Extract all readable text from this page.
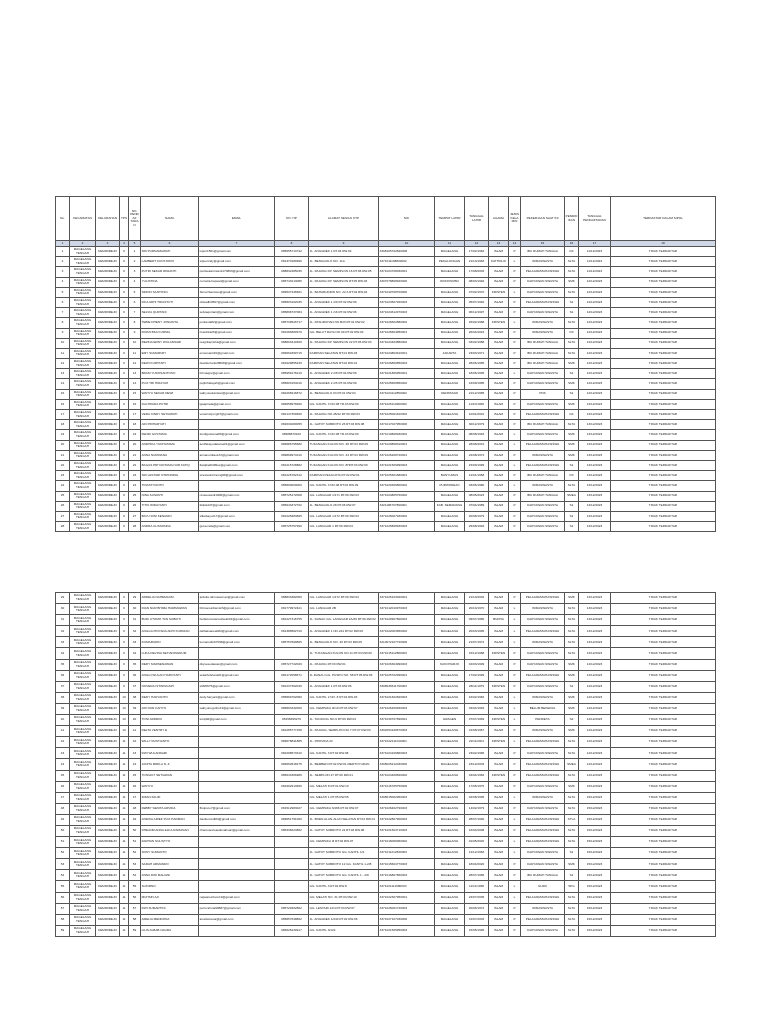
No.	KECAMATAN	KELURAHAN	TPS	NO. PENDAF TARAN	NAMA	EMAIL	NO. HP	ALAMAT SESUAI KTP	NIK	TEMPAT LAHIR	TANGGAL LAHIR	AGAMA	JENIS KELAMIN	PEKERJAAN SAAT INI	PENDIDIKAN	TANGGAL PENDAFTARAN	TERDAFTAR DALAM SIPOL
1	2	3	4	5	6	7	8	9	10	11	12	13	14	15	16	17	18
1	MAGELANG TENGAH	KEMIRIREJO	6	1	SRI PURNAMAWATI	ispuri1561@gmail.com	085655713742	JL. ANGGREK 1 RT.04 RW.04	3308105702840008	MAGELANG	17/02/1984	ISLAM	P	IBU RUMAH TANGGA	D4	11/12/2023	TIDAK TERDAFTAR
2	MAGELANG TENGAH	KEMIRIREJO	6	2	LAMBERT KUNTJORO	sipuerindy@gmail.com	081370189990	JL. BENGGOLO NO. 11A	3371011108830002	PEKALONGAN	21/10/1983	KATHOLIK	L	WIRASWASTA	SLTA	11/12/2023	TIDAK TERDAFTAR
3	MAGELANG TENGAH	KEMIRIREJO	6	3	PUTRI SEKAR RINIANTI	putrisekarrinianti170803@gmail.com	088832485035	JL. PAJANG KP. SEMPLON 16 RT.06 RW.05	3371024708030001	MAGELANG	17/08/2003	ISLAM	P	PELAJAR/MAHASISWA	SLTA	11/12/2023	TIDAK TERDAFTAR
4	MAGELANG TENGAH	KEMIRIREJO	6	4	YULISTINA	cornelia.hapsari@gmail.com	085743213086	JL. PAJANG KP. SEMPLON RT.05 RW.03	3307078808920000	WONOSOBO	08/03/1992	ISLAM	P	KARYAWAN SWASTA	SMK	12/12/2023	TIDAK TERDAFTAR
5	MAGELANG TENGAH	KEMIRIREJO	6	5	SIMON SANTOSO	SimonSantoso@gmail.com	089537346561	JL. BAHARUDDIN NO. 22 A RT.04 RW.04	3371040708700000	MAGELANG	07/02/1970	KRISTEN	L	KARYAWAN SWASTA	SLTA	12/12/2023	TIDAK TERDAFTAR
6	MAGELANG TENGAH	KEMIRIREJO	6	6	FIKA ADHI TRIASTUTI	ofiwadhi0507@gmail.com	085803102035	JL. ANGGREK 1 /20 RT.02 RW.06	3371024507920003	MAGELANG	05/07/1992	ISLAM	P	PELAJAR/MAHASISWA	S1	12/12/2023	TIDAK TERDAFTAR
7	MAGELANG TENGAH	KEMIRIREJO	6	7	SELVIA QURTANI	selviaqurtani@gmail.com	085868737084	JL. ANGGREK 1 /16 RT.02 RW.06	3371024612970003	MAGELANG	06/12/1997	ISLAM	P	KARYAWAN SWASTA	S1	12/12/2023	TIDAK TERDAFTAR
8	MAGELANG TENGAH	KEMIRIREJO	6	8	TEBIE DHENY JONIANTA	jonitanta82@gmail.com	085739526717	JL. PASURUHAN NO.B23 RT.01 RW.02	3371026602880002	MAGELANG	26/02/1988	KRISTEN	L	WIRASWASTA	SLTA	12/12/2023	TIDAK TERDAFTAR
9	MAGELANG TENGAH	KEMIRIREJO	6	9	RIVAN BKA KURNIA	rivanbka26@gmail.com	081284880979	GG. BELUT RAYA NO.09 RT.02 RW.04	3371026604950001	MAGELANG	26/04/2023	ISLAM	P	WIRASWASTA	D3	12/12/2023	TIDAK TERDAFTAR
10	MAGELANG TENGAH	KEMIRIREJO	6	10	REZKIA ERNY WULANSARI	reagritaprisha@gmail.com	088803310309	JL. PAJANG KP. SEMPLON 22 RT.06 RW.03	3371024403880002	MAGELANG	03/02/1988	ISLAM	P	IBU RUMAH TANGGA	SLTA	12/12/2023	TIDAK TERDAFTAR
11	MAGELANG TENGAH	KEMIRIREJO	6	11	EMY SUMARNIH	emsusanti91@gmail.com	089661899715	KAMIHAN SELATAN RT.01 RW.03	3371024803910001	JAKARTA	23/03/1971	ISLAM	P	IBU RUMAH TANGGA	SLTA	12/12/2023	TIDAK TERDAFTAR
12	MAGELANG TENGAH	KEMIRIREJO	6	12	DEWI KURTANTI	dewikurtanti28668@gmail.com	081929855230	KAMIHAN SELATAN RT.02 RW.01	3371026806850003	MAGELANG	28/06/1985	ISLAM	P	IBU RUMAH TANGGA	SMK	12/12/2023	TIDAK TERDAFTAR
13	MAGELANG TENGAH	KEMIRIREJO	6	13	BRAM YUDOSANTOSO	brimaqpv@gmail.com	085959176210	JL. ANGGREK 2 /28 RT.04 RW.06	3371021806950001	MAGELANG	18/06/1995	ISLAM	L	KARYAWAN SWASTA	S1	12/12/2023	TIDAK TERDAFTAR
14	MAGELANG TENGAH	KEMIRIREJO	6	14	PUJI TRI HIDAYAH	pujitrihidayah@gmail.com	085803154016	JL. ANGGREK 2 /25 RT.04 RW.06	3371025609850002	MAGELANG	16/09/1985	ISLAM	P	KARYAWAN SWASTA	SMK	12/12/2023	TIDAK TERDAFTAR
15	MAGELANG TENGAH	KEMIRIREJO	6	15	WAHYU SEKAR DEWI	wahyusekardewi@gmail.com	082296916872	JL. BENGGOLO 03 RT.01 RW.04	3371024112850002	DENPASAR	21/12/1985	ISLAM	P	PNS	S1	12/12/2023	TIDAK TERDAFTAR
16	MAGELANG TENGAH	KEMIRIREJO	6	16	IGA PRADA PUTRI	igaaprada@gmail.com	089658976660	GG. KANTIL 3 NO.08 TR.03 RW.09	3371026110960002	MAGELANG	11/10/1996	ISLAM	P	KARYAWAN SWASTA	SMK	13/12/2023	TIDAK TERDAFTAR
17	MAGELANG TENGAH	KEMIRIREJO	6	17	VERA CINDY SETIAWATI	veracindy.ing07@gmail.com	082147359666	JL. PAJANG NO.45/42 RT.06 RW.03	3371025001810002	MAGELANG	10/01/2001	ISLAM	P	PELAJAR/MAHASISWA	D4	13/12/2023	TIDAK TERDAFTAR
18	MAGELANG TENGAH	KEMIRIREJO	6	18	ADI PRIHARYATI		082634080055	JL. GATOT SUBROTO 26 RT.03 RW.08	3371017027950000	MAGELANG	30/12/1979	ISLAM	P	IBU RUMAH TANGGA	SLTA	13/12/2023	TIDAK TERDAFTAR
19	MAGELANG TENGAH	KEMIRIREJO	6	19	FENDI GUSTAMA	fendigustama89@gmail.com	08988870160	GG. KANTIL 3 NO.08 TR.03 RW.09	3371010808930002	MAGELANG	08/08/1993	ISLAM	L	KARYAWAN SWASTA	SMK	13/12/2023	TIDAK TERDAFTAR
20	MAGELANG TENGAH	KEMIRIREJO	6	20	ANDHIKA YUDHATAMA	andhikayudatama01@gmail.com	089686795680	TUKANGAN KULON NO. 38 RT.03 RW.09	3371020808010001	MAGELANG	28/08/2001	ISLAM	L	PELAJAR/MAHASISWA	SMK	13/12/2023	TIDAK TERDAFTAR
21	MAGELANG TENGAH	KEMIRIREJO	6	21	ANNA NURDIANA	annanurdiana72@gmail.com	089899974310	TUKANGAN KULON NO. 34 RT.03 RW.09	3371026208720001	MAGELANG	22/08/1972	ISLAM	P	WIRASWASTA	SMK	13/12/2023	TIDAK TERDAFTAR
22	MAGELANG TENGAH	KEMIRIREJO	6	22	BAGAS PRIYANTAMA NUR FATIQ	fiatqibal0499ss@gmail.com	081215728882	TUKANGAN KULON NO. 8HRT.03 RW.09	3371021509990003	MAGELANG	15/09/1999	ISLAM	L	PELAJAR/MAHASISWA	S1	13/12/2023	TIDAK TERDAFTAR
23	MAGELANG TENGAH	KEMIRIREJO	6	23	SRI LESTARI NTRINNING	sriestarintrinning68@gmail.com	081226762312	KAMIHAN PEJAGOTA RT.02 RW.01	3371025301680001	BANYUMAS	12/01/1968	ISLAM	P	IBU RUMAH TANGGA	D3	13/12/2023	TIDAK TERDAFTAR
24	MAGELANG TENGAH	KEMIRIREJO	6	24	TRIASTIYANTO		085800000000	GG. KANTIL 3 NO.08 RT.03 RW.09	3371020306800002	PURWOREJO	03/06/1980	ISLAM	L	WIRASWASTA	SLTA	13/12/2023	TIDAK TERDAFTAR
25	MAGELANG TENGAH	KEMIRIREJO	6	25	NINA SUSANTI	ninasusanti1008@gmail.com	085725172008	GG. LANGGAR 1/171 RT.06 RW.03	3371024805760002	MAGELANG	08/05/2023	ISLAM	P	IBU RUMAH TANGGA	SMEA	13/12/2023	TIDAK TERDAFTAR
26	MAGELANG TENGAH	KEMIRIREJO	6	26	TITIK WIDAYANTI	titikwidd7@gmail.com	085643372702	JL. BENGGOLO 28 RT.06 RW.07	3321186707890001	KAB. SEMARANG	07/04/1989	ISLAM	P	KARYAWAN SWASTA	S1	13/12/2023	TIDAK TERDAFTAR
27	MAGELANG TENGAH	KEMIRIREJO	6	27	BAYU RINI KENANIN	siikabayuz17@gmail.com	081228383895	GG. LANGGAR 1/172 RT.06 RW.03	3371026007930002	MAGELANG	20/08/1979	ISLAM	P	KARYAWAN SWASTA	S1	13/12/2023	TIDAK TERDAFTAR
28	MAGELANG TENGAH	KEMIRIREJO	6	28	ANDRA GUSSONDA	gussonda@gmail.com	085725757990	GG. LANGGAR 1 RT.06 RW.03	3371025808930003	MAGELANG	25/08/1993	ISLAM	P	KARYAWAN SWASTA	S1	13/12/2023	TIDAK TERDAFTAR
29	MAGELANG TENGAH	KEMIRIREJO	6	29	ARDELIA NAHEMAUM	ardelia.rahmasari.an@gmail.com	088833382066	GG. LANGGAR 1/172 RT.06 RW.03	3371026103020001	MAGELANG	21/10/2002	ISLAM	P	PELAJAR/MAHASISWA	SMK	13/12/2023	TIDAK TERDAFTAR
30	MAGELANG TENGAH	KEMIRIREJO	6	30	DIAN NUR BHIMA HARIMAWAN	bhimanurdian123@gmail.com	081779972421	GG. LANGGAR 2B	3371012010970003	MAGELANG	20/10/1970	ISLAM	L	WIRASWASTA	SLTA	13/12/2023	TIDAK TERDAFTAR
31	MAGELANG TENGAH	KEMIRIREJO	6	31	BUDI UTOMO TAN SUBIKTI	budiutomotansubiekti01@gmail.com	081227316755	JL. DANAU GG. LANGGAR 2A/39 RT.06 RW.02	3371020907800003	MAGELANG	09/07/1980	BUDHA	L	KARYAWAN SWASTA	SLTA	13/12/2023	TIDAK TERDAFTAR
32	MAGELANG TENGAH	KEMIRIREJO	6	32	ANGGA PRIYADA ADHI KURNIAN	dalhakuarea002@gmail.com	081388582729	JL. ANGGREK 1 NO.244 RT.02 RW.06	3371022003950002	MAGELANG	20/03/1995	ISLAM	L	PELAJAR/MAHASISWA	SLTA	13/12/2023	TIDAK TERDAFTAR
33	MAGELANG TENGAH	KEMIRIREJO	6	33	KOMARUDIN	komarudin67098@gmail.com	085757669805	JL. BENGGOLO NO. 40 RT.03 RW.05	3210072107720006	MAGELANG	21/07/1972	ISLAM	L	WIRASWASTA	SLTA	13/12/2023	TIDAK TERDAFTAR
34	MAGELANG TENGAH	KEMIRIREJO	6	34	LUKA DEVINA SETIANINGRUM			JL. TUKANGAN KULON NO.11 RT.03 RW.09	3371015112880003	MAGELANG	15/12/1988	KRISTEN	P	KARYAWAN SWASTA	SLTA	13/12/2023	TIDAK TERDAFTAR
35	MAGELANG TENGAH	KEMIRIREJO	6	35	DEDY MARSENAWAN	dkysesedawan@gmail.com	085727722029	JL. PAJANG RT.03 RW.01	3371026304990003	SUKOHARJO	04/03/1999	ISLAM	P	KARYAWAN SWASTA	SMK	14/12/2023	TIDAK TERDAFTAR
36	MAGELANG TENGAH	KEMIRIREJO	6	36	ANGGI WULAN HARIYANTI	sekarfebriana01@gmail.com	082172058671	JL.DANAU GG. PUSPO NO. 58 RT.05 RW.03	3371025702990001	MAGELANG	17/02/1999	ISLAM	P	PELAJAR/MAHASISWA	SMK	14/12/2023	TIDAK TERDAFTAR
37	MAGELANG TENGAH	KEMIRIREJO	6	37	NOVERA ISTININGSIH	s08/0675@gmail.com	081237362049	JL. ANGGREK 1 RT.03 RW.06	3308036511790003	MAGELANG	28/11/1979	KRISTEN	P	KARYAWAN SWASTA	S1	14/12/2023	TIDAK TERDAFTAR
38	MAGELANG TENGAH	KEMIRIREJO	10	38	DEDY HARYANTO	dedy.haryant@gmail.com	085869702080	GG. KANTIL 2 NO. 8 RT.04 RW.03	3371021602820003	MAGELANG	16/02/1982	ISLAM	L	WIRASWASTA	SMK	14/12/2023	TIDAK TERDAFTAR
39	MAGELANG TENGAH	KEMIRIREJO	10	39	ARI NUR CAHYO	wahyunugroho19@gmail.com	085803332000	GG. CEMPAKA III/19 RT.04 RW.07	3371026409930004	MAGELANG	03/04/1993	ISLAM	L	BELUM BEKERJA	SMK	14/12/2023	TIDAK TERDAFTAR
40	MAGELANG TENGAH	KEMIRIREJO	10	40	TONI ADMIRO	toniplkl@gmail.com	08156695270	JL. TANJUNG NO.6 RT.06 RW.03	3371030707690001	GRAGEN	07/07/1969	KRISTEN	L	PENDETA	S2	14/12/2023	TIDAK TERDAFTAR
41	MAGELANG TENGAH	KEMIRIREJO	10	41	DELTA VENTRY E		081285777158	JL. PAJANG, SEMPLON NO.7 RT.07 RW.03	3304054108670003	MAGELANG	01/08/1967	ISLAM	P	WIRASWASTA	SMK	14/12/2023	TIDAK TERDAFTAR
42	MAGELANG TENGAH	KEMIRIREJO	11	42	WILLY RUSTIANTO		089678841885	JL. PROVIDA 24	3371022211010001	MAGELANG	22/11/2001	KRISTEN	L	PELAJAR/MAHASISWA	SLTA	14/12/2023	TIDAK TERDAFTAR
43	MAGELANG TENGAH	KEMIRIREJO	11	43	DWI WULANDARI		082298573310	GG. KANTIL 3 RT.02 RW.08	3371024106860003	MAGELANG	23/02/1986	ISLAM	P	KARYAWAN SWASTA	SLTA	14/12/2023	TIDAK TERDAFTAR
44	MAGELANG TENGAH	KEMIRIREJO	11	44	JANITA MIRILA N. Z		089660918275	JL. BEMBEN RT.02 RW.01 MERTOYUDAN	3308025212030006	MAGELANG	23/12/2003	ISLAM	P	PELAJAR/MAHASISWA	SMEA	14/12/2023	TIDAK TERDAFTAR
45	MAGELANG TENGAH	KEMIRIREJO	11	45	TONGKIT SETIAWAN		085643366986	JL. SEMPLON 27 RT.06 RW.01	3371024408820002	MAGELANG	04/04/1982	KRISTEN	P	PELAJAR/MAHASISWA	SLTA	14/12/2023	TIDAK TERDAFTAR
46	MAGELANG TENGAH	KEMIRIREJO	11	46	WAHYU		081902913666	GG. MELATI 8 RT.01 RW.10	3371016705750006	MAGELANG	17/05/1975	ISLAM	P	KARYAWAN SWASTA	SMK	15/12/2023	TIDAK TERDAFTAR
47	MAGELANG TENGAH	KEMIRIREJO	11	47	IRFAN FAUZI			GG. MELATI 1 RT.05 RW.05	3308015002950003	MAGELANG	02/08/1995	ISLAM	L	WIRASWASTA	SLTA	15/12/2023	TIDAK TERDAFTAR
48	MAGELANG TENGAH	KEMIRIREJO	11	48	FEBBY SENITA ARVIDA	fbsipvco7@gmail.com	081512983027	GG. CEMPAKA 3/486 RT.02 RW.07	3371026402790003	MAGELANG	14/02/1979	ISLAM	P	KARYAWAN SWASTA	SLTA	15/12/2023	TIDAK TERDAFTAR
49	MAGELANG TENGAH	KEMIRIREJO	11	49	ANDIKA ARIEF PUJI HARMAN	danikomsdi84@gmail.com	089651791060	JL. BOEN ALUN-ALUN SELATAN RT.03 RW.01	3371022807900003	MAGELANG	28/07/1990	ISLAM	L	PELAJAR/MAHASISWA	STLA	15/12/2023	TIDAK TERDAFTAR
50	MAGELANG TENGAH	KEMIRIREJO	11	50	DHEANIKANNA ELKA RAMANAN	chamuanrisaelkmahsari@gmail.com	085338224862	JL. GATOT SUBROTO 22 RT.03 RW.08	3371021604710003	MAGELANG	16/04/2008	ISLAM	P	PELAJAR/MAHASISWA	SLTA	15/12/2023	TIDAK TERDAFTAR
51	MAGELANG TENGAH	KEMIRIREJO	11	51	FARHAN SULISTYO			GG. CEMPAKA III RT.02 RW.07	3371016066060002	MAGELANG	01/05/2020	ISLAM	L	PELAJAR/MAHASISWA	SLTA	15/12/2023	TIDAK TERDAFTAR
52	MAGELANG TENGAH	KEMIRIREJO	11	52	SONY SUMANTO			JL. GATOT SUBROTO GG. KANTIL 1/4	3371011212830003	MAGELANG	12/12/1983	ISLAM	L	KARYAWAN SWASTA	S1	15/12/2023	TIDAK TERDAFTAR
53	MAGELANG TENGAH	KEMIRIREJO	11	53	SARAH ARMANDO			JL. GATOT SUBROTO 12 GG. KANTIL 1-2/8	3371015604770003	MAGELANG	18/04/2020	ISLAM	P	KARYAWAN SWASTA	SMK	15/12/2023	TIDAK TERDAFTAR
54	MAGELANG TENGAH	KEMIRIREJO	11	54	ANNA DWI MALIANI			JL. GATOT SUBROTO GG. KANTIL 1 - 2/8	3371016807860003	MAGELANG	28/07/1986	ISLAM	P	IBU RUMAH TANGGA	S1	15/12/2023	TIDAK TERDAFTAR
55	MAGELANG TENGAH	KEMIRIREJO	11	55	SUKIRNO			GG. KANTIL 3 RT.02 RW.8	3371021111680003	MAGELANG	11/11/1968	ISLAM	L	GURU	SPG	15/12/2023	TIDAK TERDAFTAR
56	MAGELANG TENGAH	KEMIRIREJO	11	56	MUHSIN AJI	najwamarfoon19@gmail.com		GG. MELATI NO. 31 RT.03 RW.10	3371022307950001	MAGELANG	23/07/2005	ISLAM	L	PELAJAR/MAHASISWA	SLTA	15/12/2023	TIDAK TERDAFTAR
57	MAGELANG TENGAH	KEMIRIREJO	11	57	DWI SUMARTINI	putri.rahma99887@gmail.com	085729302862	GG. LESTARI 12/4 RT.03 RW.07	3371026001720003	MAGELANG	20/06/1972	ISLAM	P	WIRASWASTA	SLTA	15/12/2023	TIDAK TERDAFTAR
58	MAGELANG TENGAH	KEMIRIREJO	11	58	AMELIA MENDONA	ameliamosa@gmail.com	085857648862	JL. ANGGREK 1/240 RT.02 RW.06	3371027107030006	MAGELANG	31/07/2003	ISLAM	P	PELAJAR/MAHASISWA	SLTA	15/12/2023	TIDAK TERDAFTAR
59	MAGELANG TENGAH	KEMIRIREJO	11	59	LILIS ALBAB NAURA		086626430917	GG. KANTIL 3/124	3371021505950003	MAGELANG	15/05/1995	ISLAM	P	KARYAWAN SWASTA	SLTA	15/12/2023	TIDAK TERDAFTAR
